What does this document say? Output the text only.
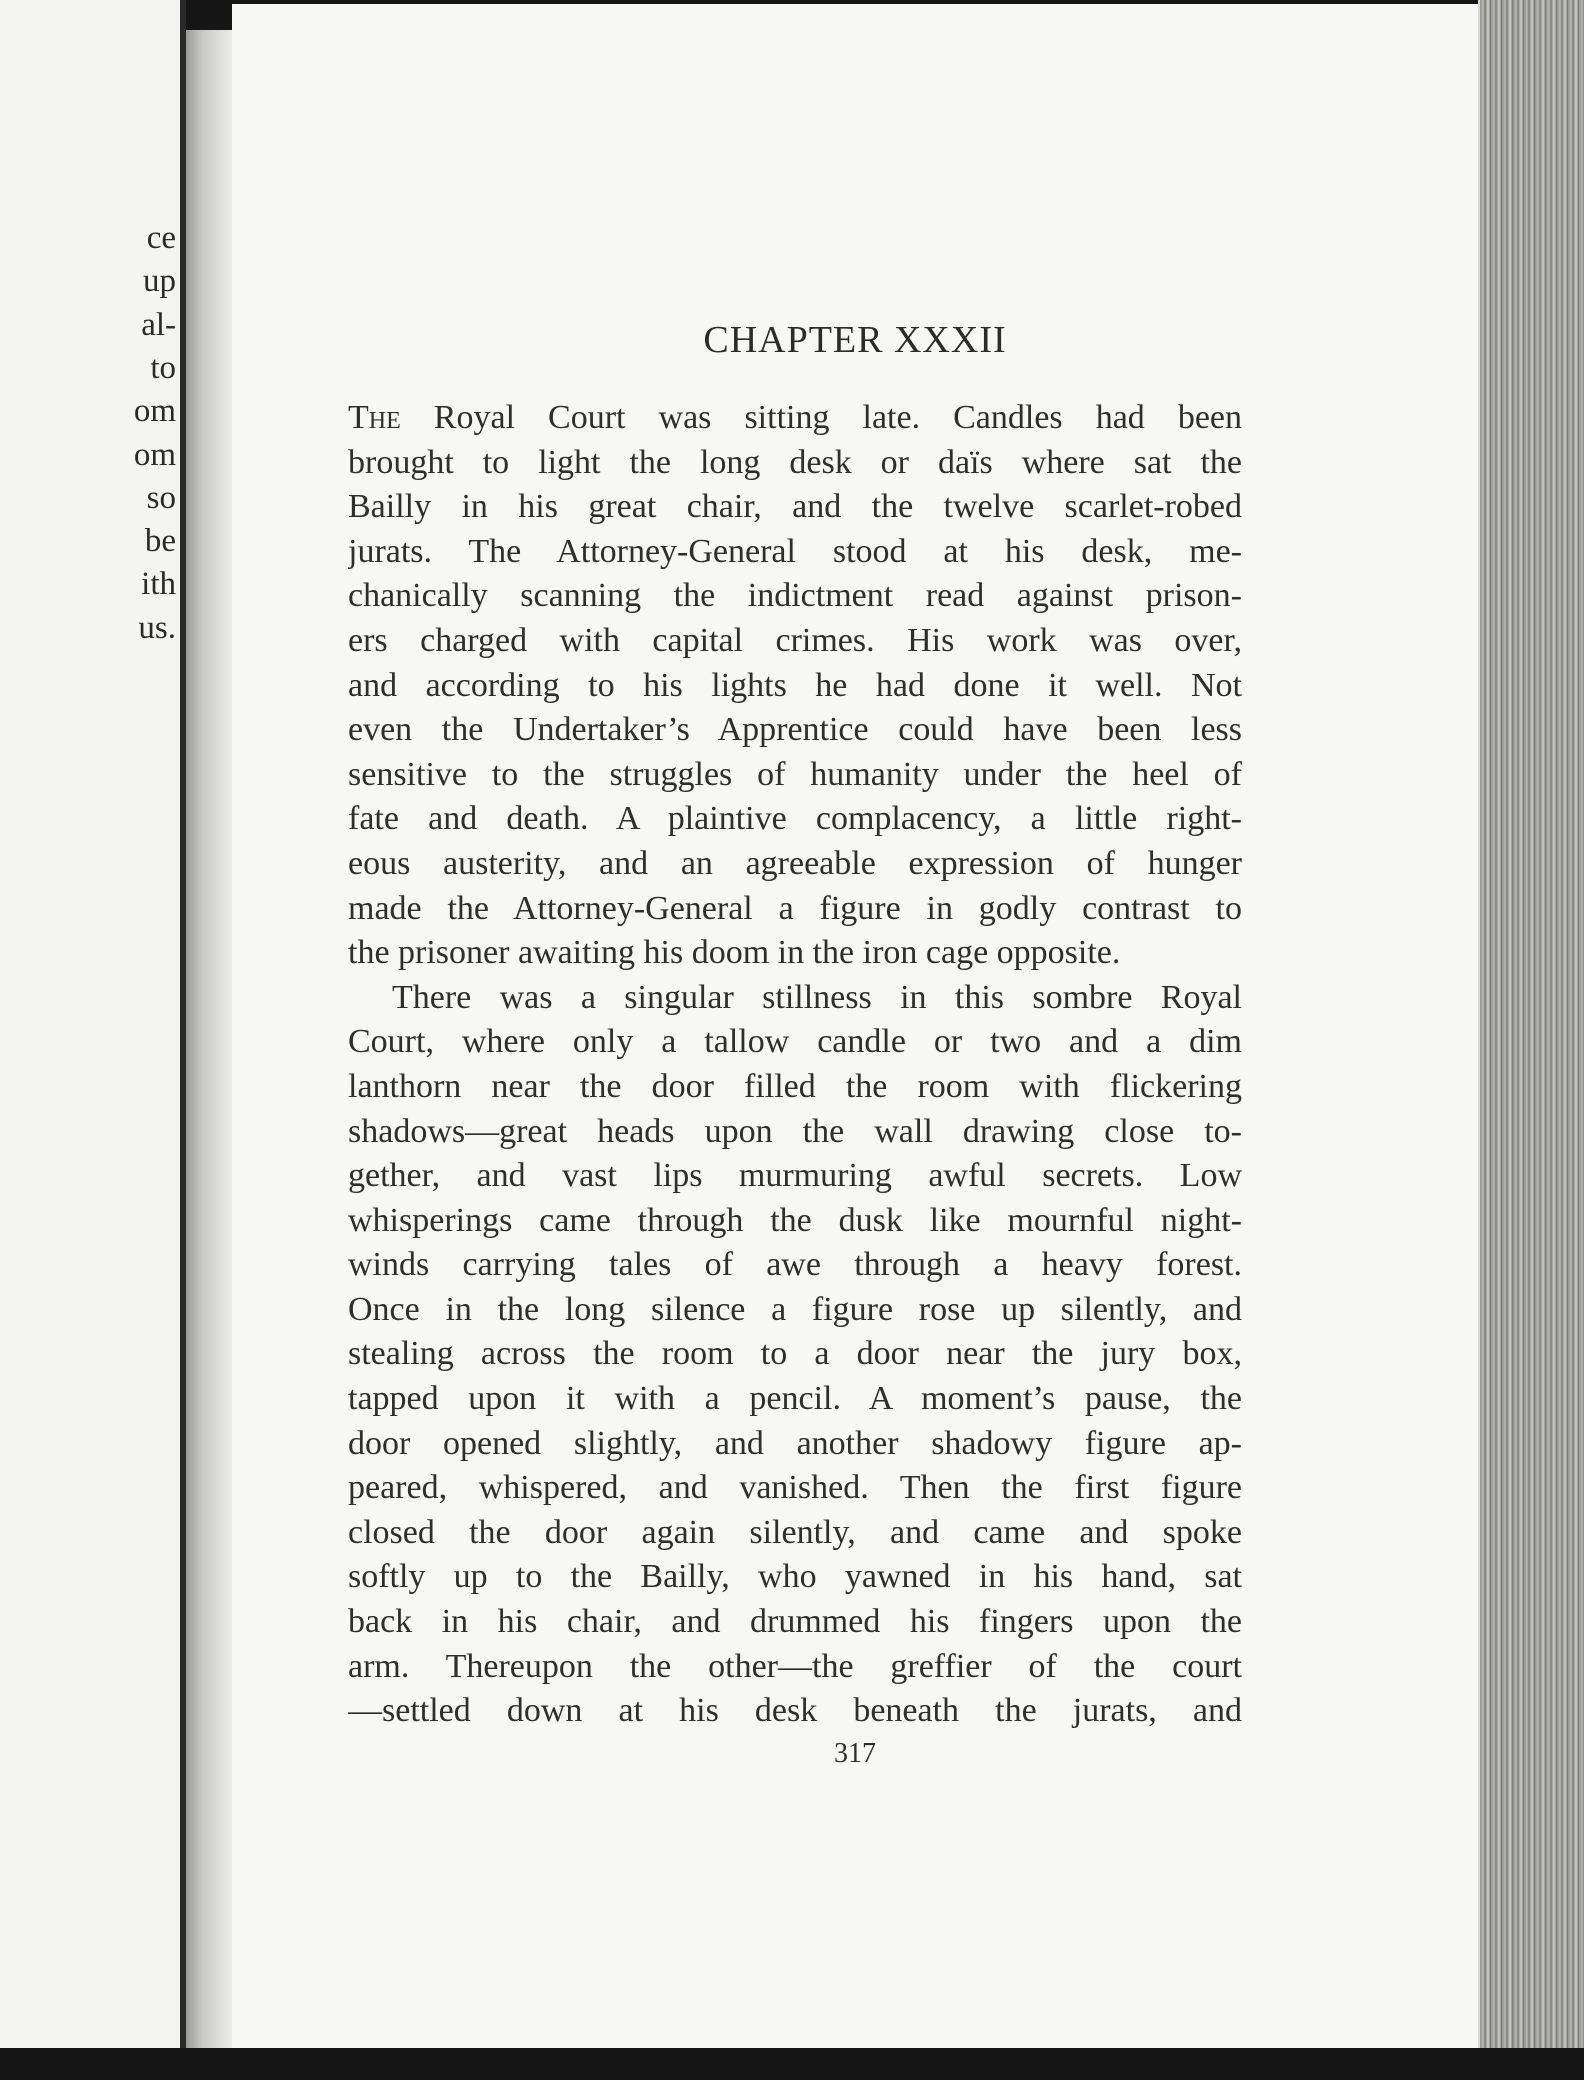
ce
up
al-
to
om
om
so
be
ith
us.
CHAPTER XXXII
The Royal Court was sitting late. Candles had been
brought to light the long desk or daïs where sat the
Bailly in his great chair, and the twelve scarlet-robed
jurats. The Attorney-General stood at his desk, me-
chanically scanning the indictment read against prison-
ers charged with capital crimes. His work was over,
and according to his lights he had done it well. Not
even the Undertaker’s Apprentice could have been less
sensitive to the struggles of humanity under the heel of
fate and death. A plaintive complacency, a little right-
eous austerity, and an agreeable expression of hunger
made the Attorney-General a figure in godly contrast to
the prisoner awaiting his doom in the iron cage opposite.
There was a singular stillness in this sombre Royal
Court, where only a tallow candle or two and a dim
lanthorn near the door filled the room with flickering
shadows—great heads upon the wall drawing close to-
gether, and vast lips murmuring awful secrets. Low
whisperings came through the dusk like mournful night-
winds carrying tales of awe through a heavy forest.
Once in the long silence a figure rose up silently, and
stealing across the room to a door near the jury box,
tapped upon it with a pencil. A moment’s pause, the
door opened slightly, and another shadowy figure ap-
peared, whispered, and vanished. Then the first figure
closed the door again silently, and came and spoke
softly up to the Bailly, who yawned in his hand, sat
back in his chair, and drummed his fingers upon the
arm. Thereupon the other—the greffier of the court
—settled down at his desk beneath the jurats, and
317
